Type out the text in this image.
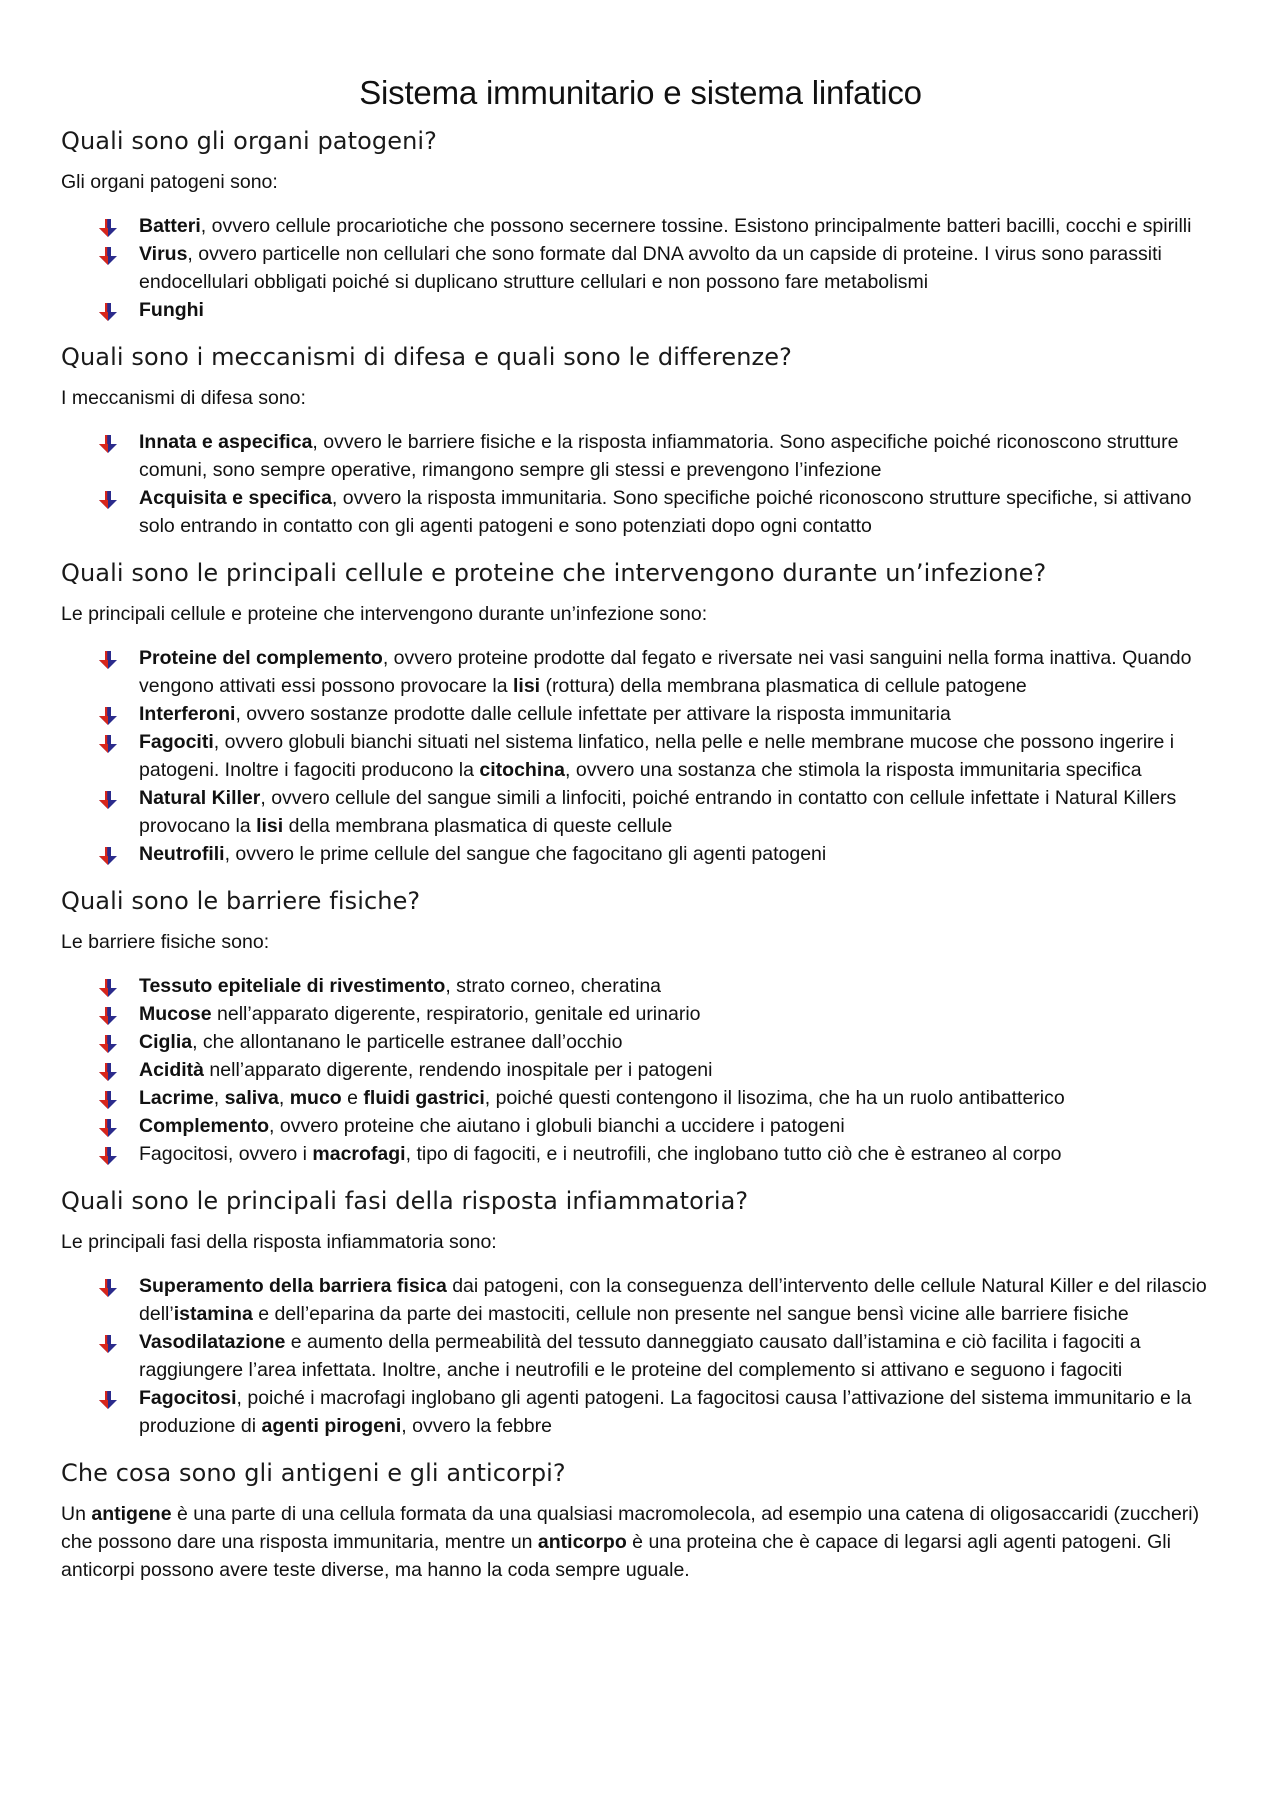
Sistema immunitario e sistema linfatico
Quali sono gli organi patogeni?

Gli organi patogeni sono:

Batteri, ovvero cellule procariotiche che possono secernere tossine. Esistono principalmente batteri bacilli, cocchi e spirilli
Virus, ovvero particelle non cellulari che sono formate dal DNA avvolto da un capside di proteine. I virus sono parassiti endocellulari obbligati poiché si duplicano strutture cellulari e non possono fare metabolismi
Funghi
Quali sono i meccanismi di difesa e quali sono le differenze?

I meccanismi di difesa sono:

Innata e aspecifica, ovvero le barriere fisiche e la risposta infiammatoria. Sono aspecifiche poiché riconoscono strutture comuni, sono sempre operative, rimangono sempre gli stessi e prevengono l’infezione
Acquisita e specifica, ovvero la risposta immunitaria. Sono specifiche poiché riconoscono strutture specifiche, si attivano solo entrando in contatto con gli agenti patogeni e sono potenziati dopo ogni contatto
Quali sono le principali cellule e proteine che intervengono durante un’infezione?

Le principali cellule e proteine che intervengono durante un’infezione sono:

Proteine del complemento, ovvero proteine prodotte dal fegato e riversate nei vasi sanguini nella forma inattiva. Quando vengono attivati essi possono provocare la lisi (rottura) della membrana plasmatica di cellule patogene
Interferoni, ovvero sostanze prodotte dalle cellule infettate per attivare la risposta immunitaria
Fagociti, ovvero globuli bianchi situati nel sistema linfatico, nella pelle e nelle membrane mucose che possono ingerire i patogeni. Inoltre i fagociti producono la citochina, ovvero una sostanza che stimola la risposta immunitaria specifica
Natural Killer, ovvero cellule del sangue simili a linfociti, poiché entrando in contatto con cellule infettate i Natural Killers provocano la lisi della membrana plasmatica di queste cellule
Neutrofili, ovvero le prime cellule del sangue che fagocitano gli agenti patogeni
Quali sono le barriere fisiche?

Le barriere fisiche sono:

Tessuto epiteliale di rivestimento, strato corneo, cheratina
Mucose nell’apparato digerente, respiratorio, genitale ed urinario
Ciglia, che allontanano le particelle estranee dall’occhio
Acidità nell’apparato digerente, rendendo inospitale per i patogeni
Lacrime, saliva, muco e fluidi gastrici, poiché questi contengono il lisozima, che ha un ruolo antibatterico
Complemento, ovvero proteine che aiutano i globuli bianchi a uccidere i patogeni
Fagocitosi, ovvero i macrofagi, tipo di fagociti, e i neutrofili, che inglobano tutto ciò che è estraneo al corpo
Quali sono le principali fasi della risposta infiammatoria?

Le principali fasi della risposta infiammatoria sono:

Superamento della barriera fisica dai patogeni, con la conseguenza dell’intervento delle cellule Natural Killer e del rilascio dell’istamina e dell’eparina da parte dei mastociti, cellule non presente nel sangue bensì vicine alle barriere fisiche
Vasodilatazione e aumento della permeabilità del tessuto danneggiato causato dall’istamina e ciò facilita i fagociti a raggiungere l’area infettata. Inoltre, anche i neutrofili e le proteine del complemento si attivano e seguono i fagociti
Fagocitosi, poiché i macrofagi inglobano gli agenti patogeni. La fagocitosi causa l’attivazione del sistema immunitario e la produzione di agenti pirogeni, ovvero la febbre
Che cosa sono gli antigeni e gli anticorpi?

Un antigene è una parte di una cellula formata da una qualsiasi macromolecola, ad esempio una catena di oligosaccaridi (zuccheri) che possono dare una risposta immunitaria, mentre un anticorpo è una proteina che è capace di legarsi agli agenti patogeni. Gli anticorpi possono avere teste diverse, ma hanno la coda sempre uguale.
